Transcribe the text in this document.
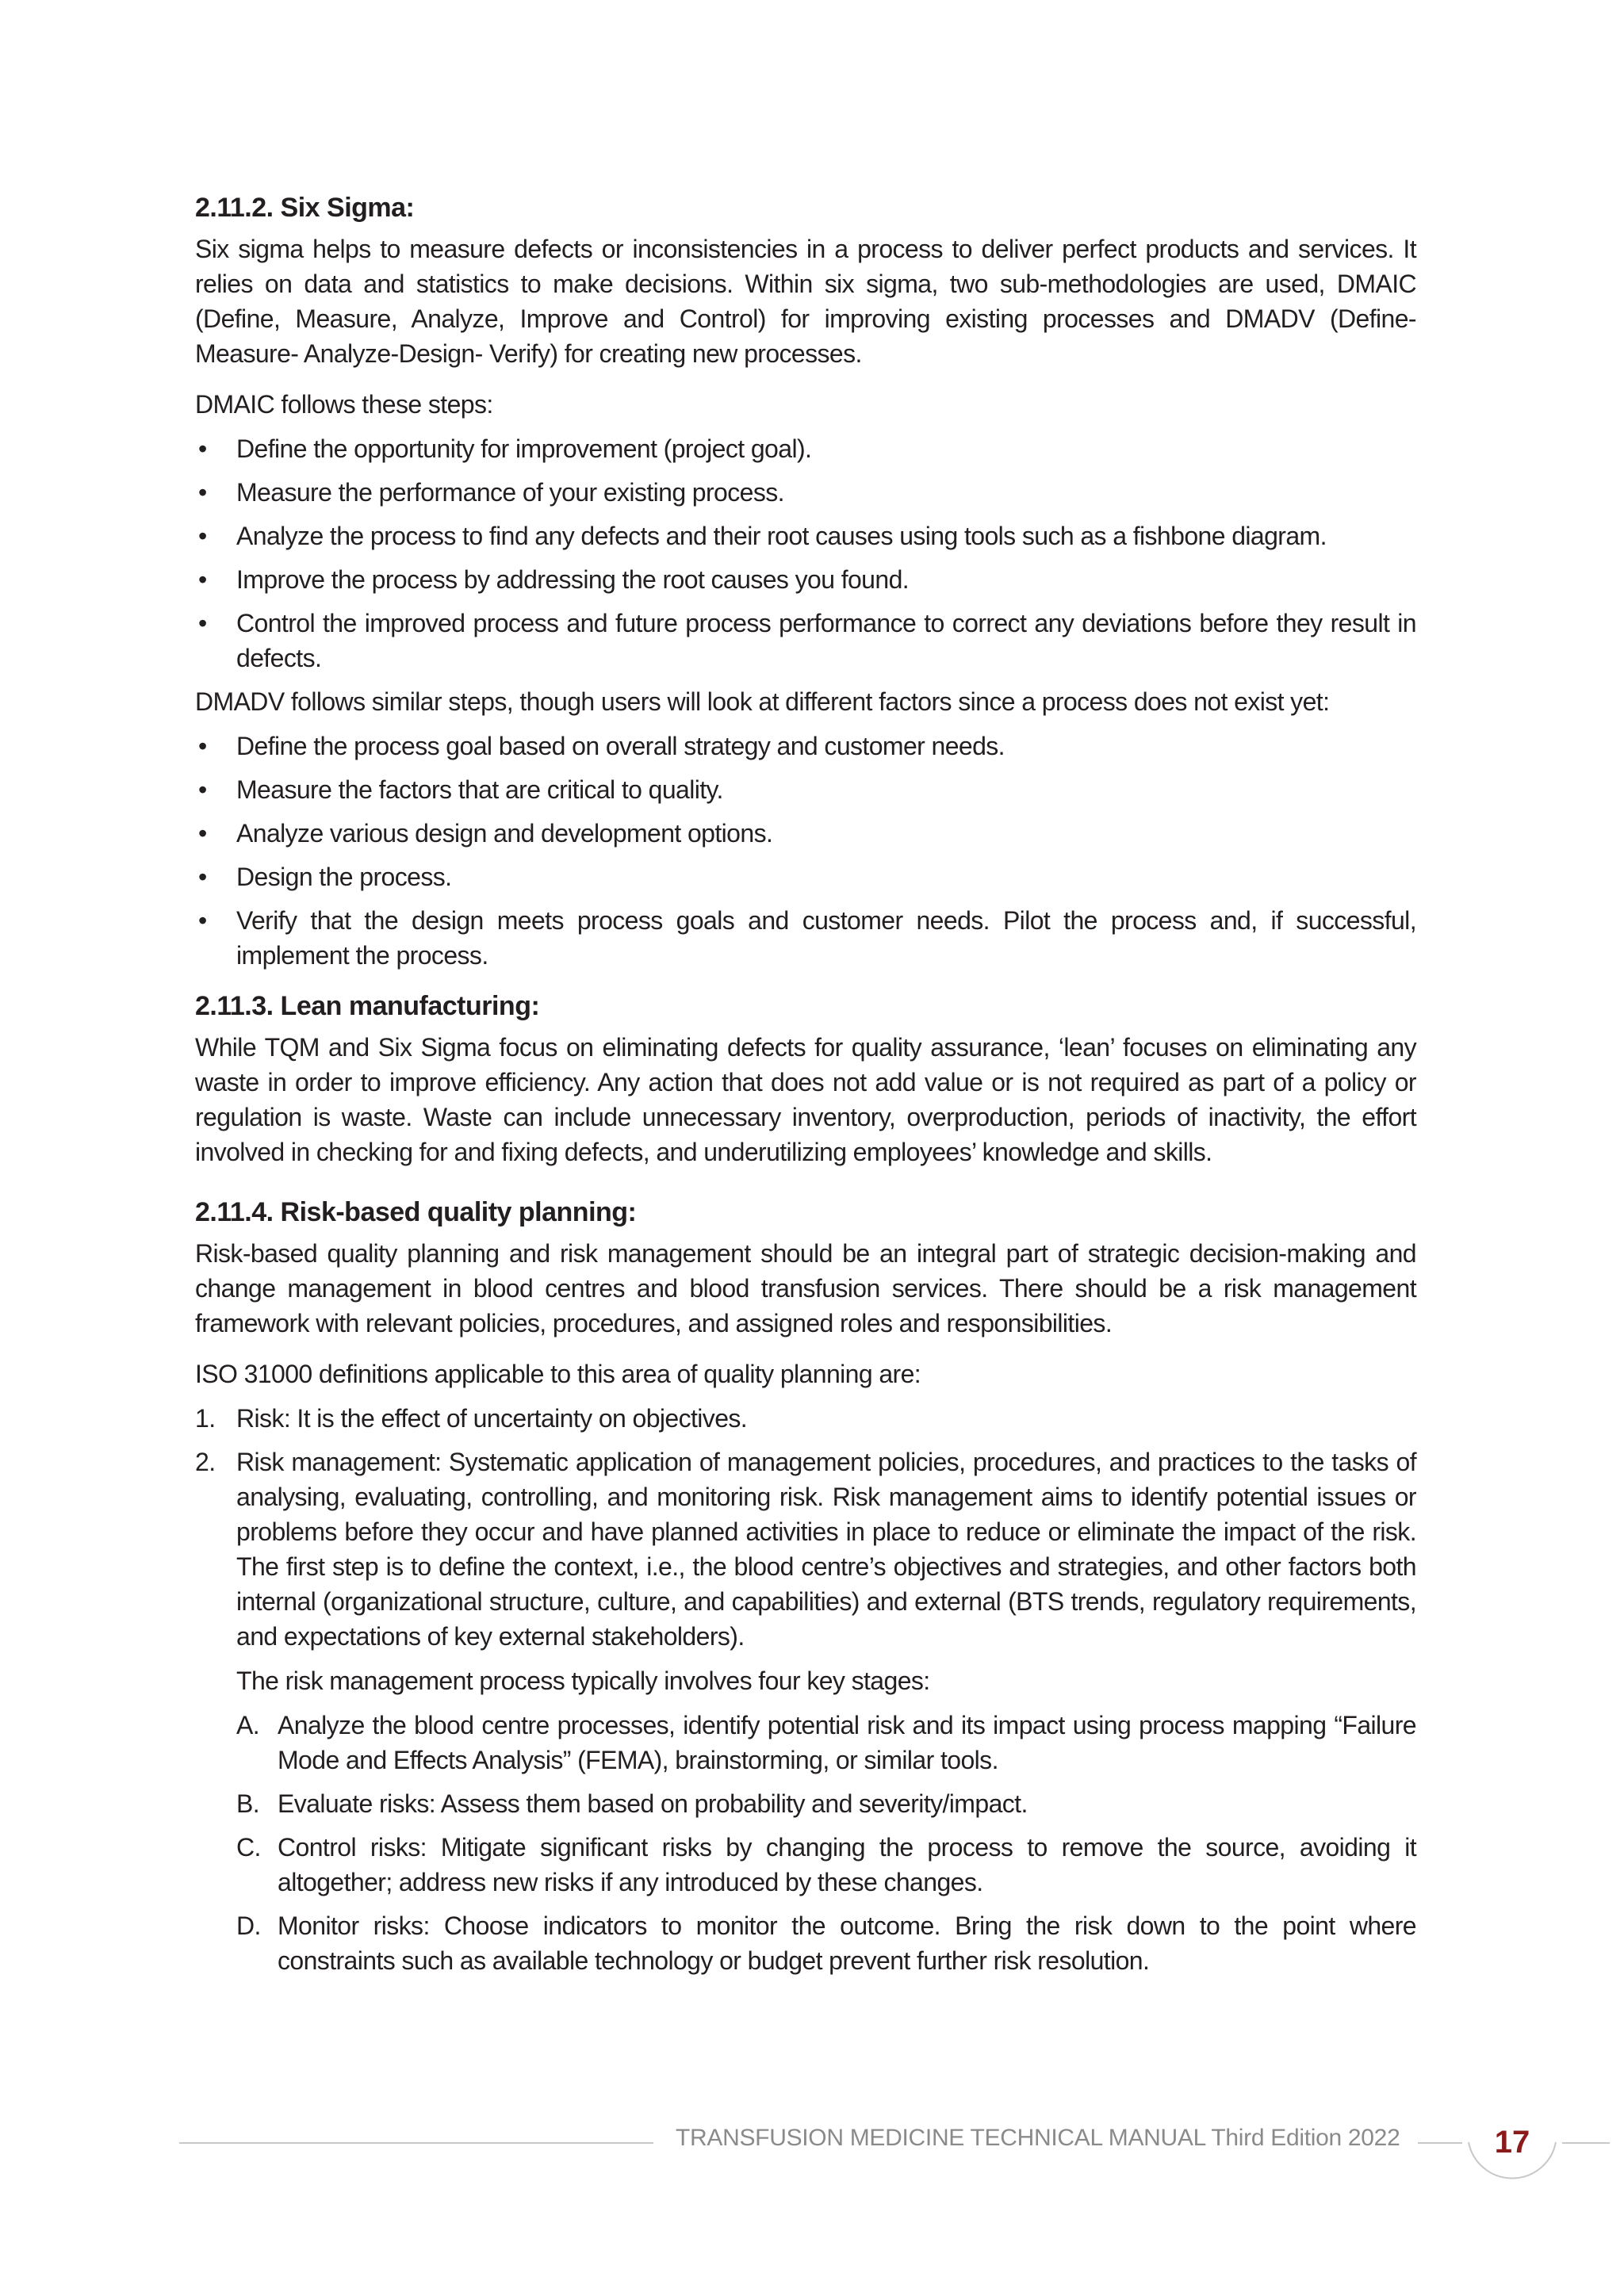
2.11.2. Six Sigma:

Six sigma helps to measure defects or inconsistencies in a process to deliver perfect products and services. It relies on data and statistics to make decisions. Within six sigma, two sub-methodologies are used, DMAIC (Define, Measure, Analyze, Improve and Control) for improving existing processes and DMADV (Define-Measure- Analyze-Design- Verify) for creating new processes.

DMAIC follows these steps:

• Define the opportunity for improvement (project goal).
• Measure the performance of your existing process.
• Analyze the process to find any defects and their root causes using tools such as a fishbone diagram.
• Improve the process by addressing the root causes you found.
• Control the improved process and future process performance to correct any deviations before they result in defects.

DMADV follows similar steps, though users will look at different factors since a process does not exist yet:

• Define the process goal based on overall strategy and customer needs.
• Measure the factors that are critical to quality.
• Analyze various design and development options.
• Design the process.
• Verify that the design meets process goals and customer needs. Pilot the process and, if successful, implement the process.
2.11.3. Lean manufacturing:

While TQM and Six Sigma focus on eliminating defects for quality assurance, ‘lean’ focuses on eliminating any waste in order to improve efficiency. Any action that does not add value or is not required as part of a policy or regulation is waste. Waste can include unnecessary inventory, overproduction, periods of inactivity, the effort involved in checking for and fixing defects, and underutilizing employees’ knowledge and skills.

2.11.4. Risk-based quality planning:

Risk-based quality planning and risk management should be an integral part of strategic decision-making and change management in blood centres and blood transfusion services. There should be a risk management framework with relevant policies, procedures, and assigned roles and responsibilities.

ISO 31000 definitions applicable to this area of quality planning are:

1. Risk: It is the effect of uncertainty on objectives.
2. Risk management: Systematic application of management policies, procedures, and practices to the tasks of analysing, evaluating, controlling, and monitoring risk. Risk management aims to identify potential issues or problems before they occur and have planned activities in place to reduce or eliminate the impact of the risk. The first step is to define the context, i.e., the blood centre’s objectives and strategies, and other factors both internal (organizational structure, culture, and capabilities) and external (BTS trends, regulatory requirements, and expectations of key external stakeholders).

The risk management process typically involves four key stages:

A. Analyze the blood centre processes, identify potential risk and its impact using process mapping “Failure Mode and Effects Analysis” (FEMA), brainstorming, or similar tools.
B. Evaluate risks: Assess them based on probability and severity/impact.
C. Control risks: Mitigate significant risks by changing the process to remove the source, avoiding it altogether; address new risks if any introduced by these changes.
D. Monitor risks: Choose indicators to monitor the outcome. Bring the risk down to the point where constraints such as available technology or budget prevent further risk resolution.
TRANSFUSION MEDICINE TECHNICAL MANUAL Third Edition 2022	17
